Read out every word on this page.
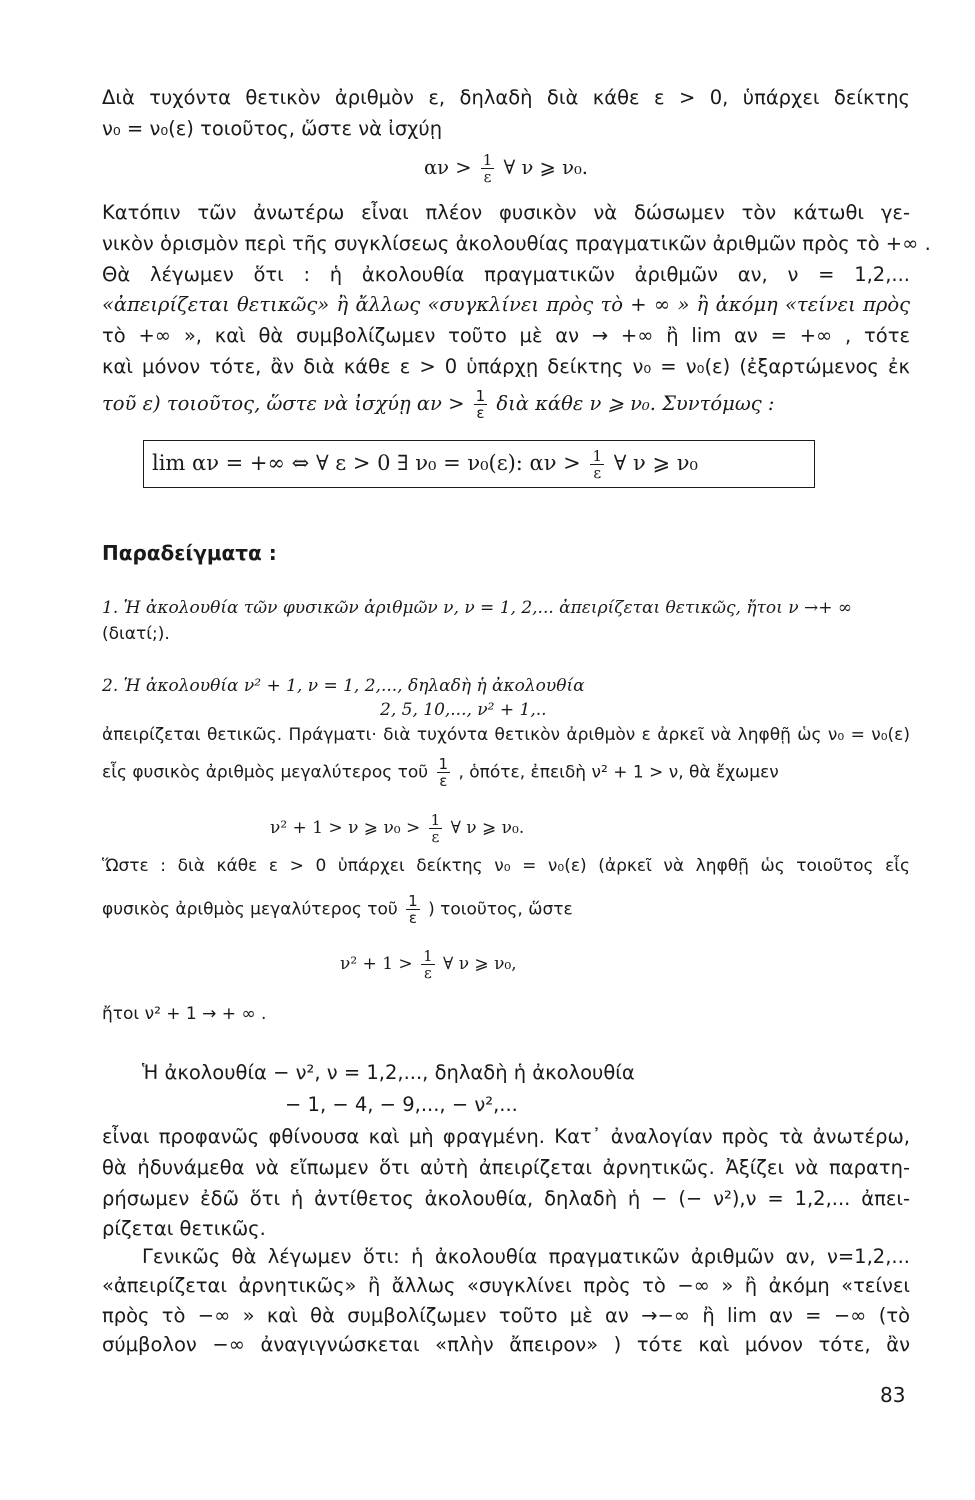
Διὰ τυχόντα θετικὸν ἀριθμὸν ε, δηλαδὴ διὰ κάθε ε > 0, ὑπάρχει δείκτης
ν₀ = ν₀(ε) τοιοῦτος, ὥστε νὰ ἰσχύῃ
$\alpha\nu > \frac{1}{\varepsilon}$ ∀ ν ⩾ ν₀.
Κατόπιν τῶν ἀνωτέρω εἶναι πλέον φυσικὸν νὰ δώσωμεν τὸν κάτωθι γε-
νικὸν ὁρισμὸν περὶ τῆς συγκλίσεως ἀκολουθίας πραγματικῶν ἀριθμῶν πρὸς τὸ +∞ .
Θὰ λέγωμεν ὅτι : ἡ ἀκολουθία πραγματικῶν ἀριθμῶν αν, ν = 1,2,...
«ἀπειρίζεται θετικῶς» ἢ ἄλλως «συγκλίνει πρὸς τὸ + ∞ » ἢ ἀκόμη «τείνει πρὸς
τὸ +∞ », καὶ θὰ συμβολίζωμεν τοῦτο μὲ αν → +∞ ἢ lim αν = +∞ , τότε
καὶ μόνον τότε, ἂν διὰ κάθε ε > 0 ὑπάρχῃ δείκτης ν₀ = ν₀(ε) (ἐξαρτώμενος ἐκ
τοῦ ε) τοιοῦτος, ὥστε νὰ ἰσχύῃ $\alpha\nu > \frac{1}{\varepsilon}$ διὰ κάθε ν ⩾ ν₀. Συντόμως :
lim αν = +∞ ⇔ ∀ ε > 0 ∃ ν₀ = ν₀(ε): $\alpha\nu > \frac{1}{\varepsilon}$ ∀ ν ⩾ ν₀
Παραδείγματα :
1. Ἡ ἀκολουθία τῶν φυσικῶν ἀριθμῶν ν, ν = 1, 2,... ἀπειρίζεται θετικῶς, ἤτοι ν →+ ∞
(διατί;).
2. Ἡ ἀκολουθία ν² + 1, ν = 1, 2,..., δηλαδὴ ἡ ἀκολουθία
2, 5, 10,..., ν² + 1,..
ἀπειρίζεται θετικῶς. Πράγματι· διὰ τυχόντα θετικὸν ἀριθμὸν ε ἀρκεῖ νὰ ληφθῇ ὡς ν₀ = ν₀(ε)
εἷς φυσικὸς ἀριθμὸς μεγαλύτερος τοῦ $\frac{1}{\varepsilon}$ , ὁπότε, ἐπειδὴ ν² + 1 > ν, θὰ ἔχωμεν
ν² + 1 > ν ⩾ $\nu_0 > \frac{1}{\varepsilon}$ ∀ ν ⩾ ν₀.
Ὥστε : διὰ κάθε ε > 0 ὑπάρχει δείκτης ν₀ = ν₀(ε) (ἀρκεῖ νὰ ληφθῇ ὡς τοιοῦτος εἷς
φυσικὸς ἀριθμὸς μεγαλύτερος τοῦ $\frac{1}{\varepsilon}$ ) τοιοῦτος, ὥστε
$\nu^2 + 1 > \frac{1}{\varepsilon}$ ∀ ν ⩾ ν₀,
ἤτοι ν² + 1 → + ∞ .
Ἡ ἀκολουθία − ν², ν = 1,2,..., δηλαδὴ ἡ ἀκολουθία
− 1, − 4, − 9,..., − ν²,...
εἶναι προφανῶς φθίνουσα καὶ μὴ φραγμένη. Κατ᾽ ἀναλογίαν πρὸς τὰ ἀνωτέρω,
θὰ ἠδυνάμεθα νὰ εἴπωμεν ὅτι αὐτὴ ἀπειρίζεται ἀρνητικῶς. Ἀξίζει νὰ παρατη-
ρήσωμεν ἐδῶ ὅτι ἡ ἀντίθετος ἀκολουθία, δηλαδὴ ἡ − (− ν²),ν = 1,2,... ἀπει-
ρίζεται θετικῶς.
Γενικῶς θὰ λέγωμεν ὅτι: ἡ ἀκολουθία πραγματικῶν ἀριθμῶν αν, ν=1,2,...
«ἀπειρίζεται ἀρνητικῶς» ἢ ἄλλως «συγκλίνει πρὸς τὸ −∞ » ἢ ἀκόμη «τείνει
πρὸς τὸ −∞ » καὶ θὰ συμβολίζωμεν τοῦτο μὲ αν →−∞ ἢ lim αν = −∞ (τὸ
σύμβολον −∞ ἀναγιγνώσκεται «πλὴν ἄπειρον» ) τότε καὶ μόνον τότε, ἂν
83
